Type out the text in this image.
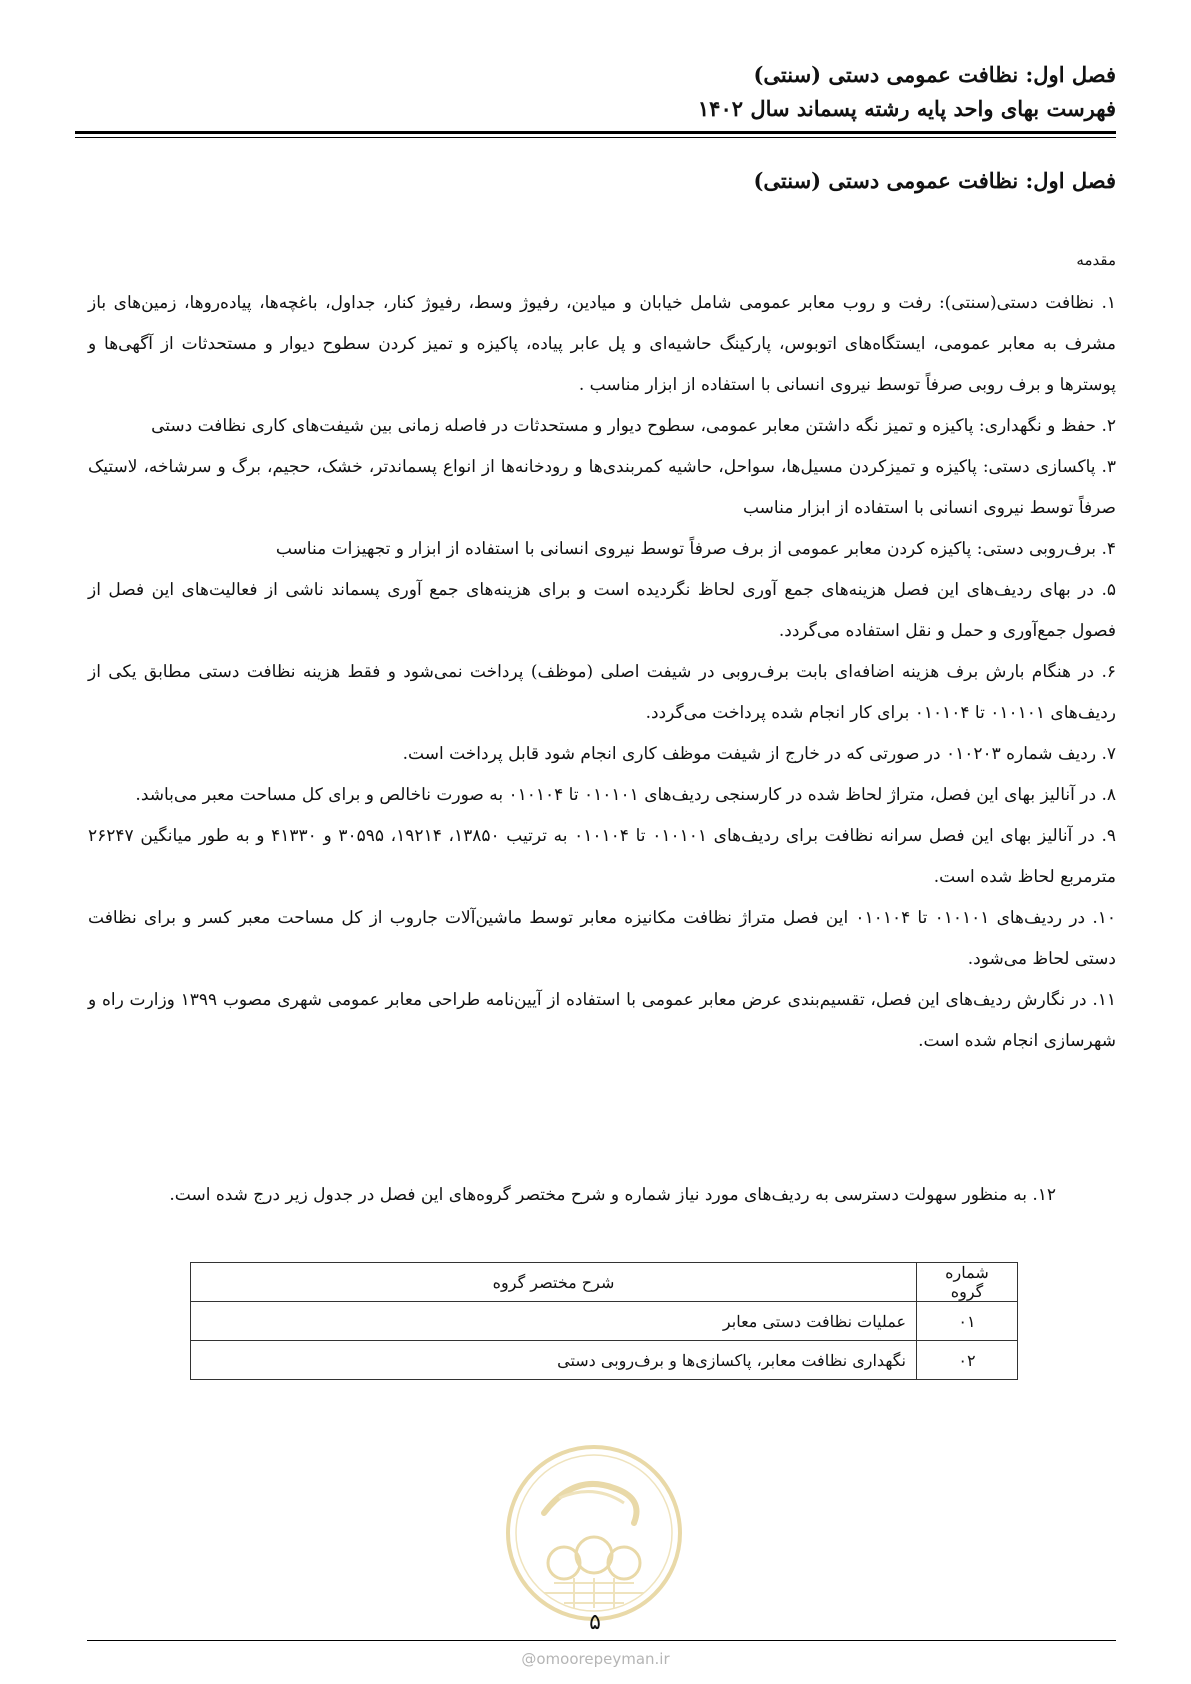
فصل اول: نظافت عمومی دستی (سنتی)
فهرست بهای واحد پایه رشته پسماند سال ۱۴۰۲
فصل اول: نظافت عمومی دستی (سنتی)
مقدمه

۱. نظافت دستی(سنتی): رفت و روب معابر عمومی شامل خیابان و میادین، رفیوژ وسط، رفیوژ کنار، جداول، باغچه‌ها، پیاده‌روها، زمین‌های باز مشرف به معابر عمومی، ایستگاه‌های اتوبوس، پارکینگ حاشیه‌ای و پل عابر پیاده، پاکیزه و تمیز کردن سطوح دیوار و مستحدثات از آگهی‌ها و پوسترها و برف روبی صرفاً توسط نیروی انسانی با استفاده از ابزار مناسب .

۲. حفظ و نگهداری: پاکیزه و تمیز نگه داشتن معابر عمومی، سطوح دیوار و مستحدثات در فاصله زمانی بین شیفت‌های کاری نظافت دستی

۳. پاکسازی دستی: پاکیزه و تمیزکردن مسیل‌ها، سواحل، حاشیه کمربندی‌ها و رودخانه‌ها از انواع پسماندتر، خشک، حجیم، برگ و سرشاخه، لاستیک صرفاً توسط نیروی انسانی با استفاده از ابزار مناسب

۴. برف‌روبی دستی: پاکیزه کردن معابر عمومی از برف صرفاً توسط نیروی انسانی با استفاده از ابزار و تجهیزات مناسب

۵. در بهای ردیف‌های این فصل هزینه‌های جمع آوری لحاظ نگردیده است و برای هزینه‌های جمع آوری پسماند ناشی از فعالیت‌های این فصل از فصول جمع‌آوری و حمل و نقل استفاده می‌گردد.

۶. در هنگام بارش برف هزینه اضافه‌ای بابت برف‌روبی در شیفت اصلی (موظف) پرداخت نمی‌شود و فقط هزینه نظافت دستی مطابق یکی از ردیف‌های ۰۱۰۱۰۱ تا ۰۱۰۱۰۴ برای کار انجام شده پرداخت می‌گردد.

۷. ردیف شماره ۰۱۰۲۰۳ در صورتی که در خارج از شیفت موظف کاری انجام شود قابل پرداخت است.

۸. در آنالیز بهای این فصل، متراژ لحاظ شده در کارسنجی ردیف‌های ۰۱۰۱۰۱ تا ۰۱۰۱۰۴ به صورت ناخالص و برای کل مساحت معبر می‌باشد.

۹. در آنالیز بهای این فصل سرانه نظافت برای ردیف‌های ۰۱۰۱۰۱ تا ۰۱۰۱۰۴ به ترتیب ۱۳۸۵۰، ۱۹۲۱۴، ۳۰۵۹۵ و ۴۱۳۳۰ و به طور میانگین ۲۶۲۴۷ مترمربع لحاظ شده است.

۱۰. در ردیف‌های ۰۱۰۱۰۱ تا ۰۱۰۱۰۴ این فصل متراژ نظافت مکانیزه معابر توسط ماشین‌آلات جاروب از کل مساحت معبر کسر و برای نظافت دستی لحاظ می‌شود.

۱۱. در نگارش ردیف‌های این فصل، تقسیم‌بندی عرض معابر عمومی با استفاده از آیین‌نامه طراحی معابر عمومی شهری مصوب ۱۳۹۹ وزارت راه و شهرسازی انجام شده است.

۱۲. به منظور سهولت دسترسی به ردیف‌های مورد نیاز شماره و شرح مختصر گروه‌های این فصل در جدول زیر درج شده است.
شماره گروه	شرح مختصر گروه
۰۱	عملیات نظافت دستی معابر
۰۲	نگهداری نظافت معابر، پاکسازی‌ها و برف‌روبی دستی
۵
@omoorepeyman.ir
